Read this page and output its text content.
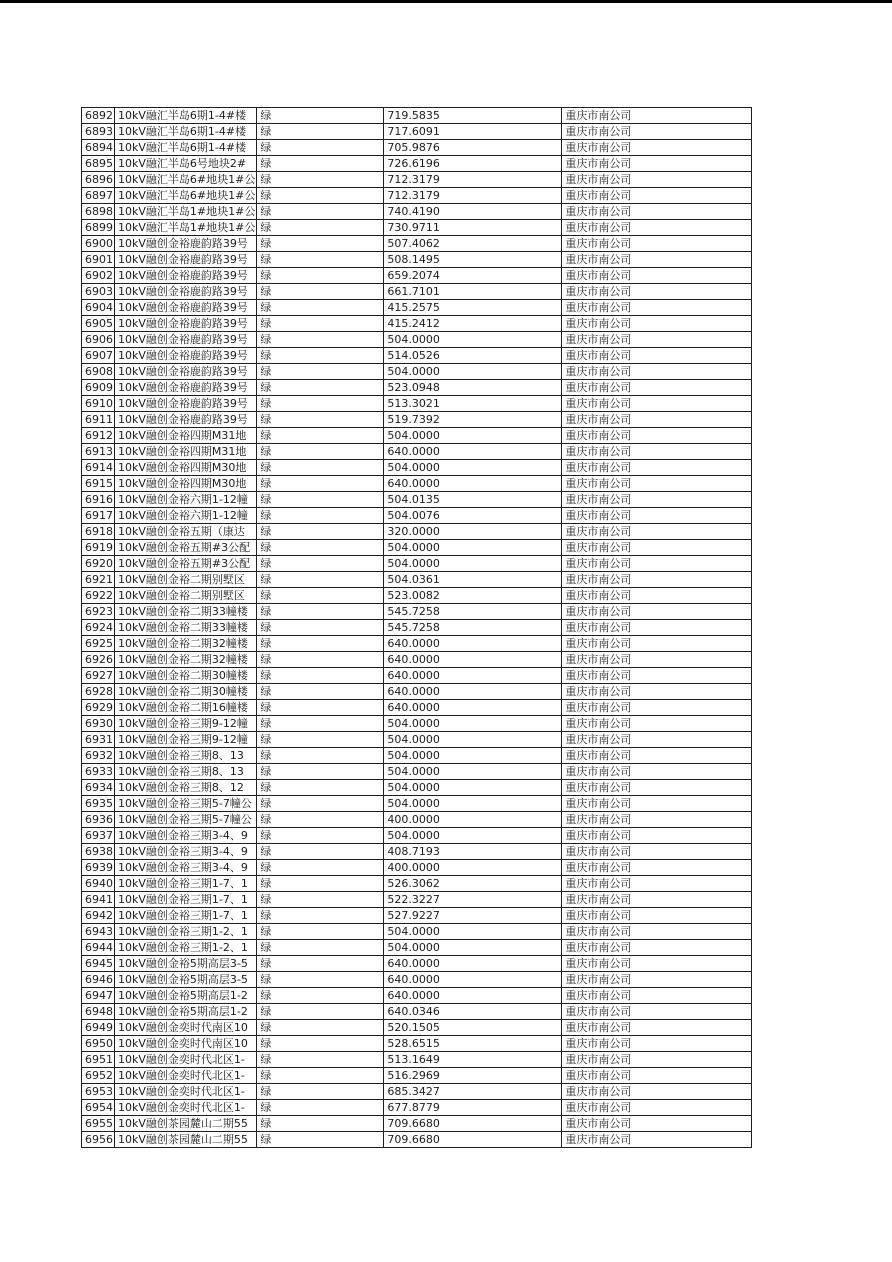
6892	10kV融汇半岛6期1-4#楼	绿	719.5835	重庆市南公司
6893	10kV融汇半岛6期1-4#楼	绿	717.6091	重庆市南公司
6894	10kV融汇半岛6期1-4#楼	绿	705.9876	重庆市南公司
6895	10kV融汇半岛6号地块2#	绿	726.6196	重庆市南公司
6896	10kV融汇半岛6#地块1#公	绿	712.3179	重庆市南公司
6897	10kV融汇半岛6#地块1#公	绿	712.3179	重庆市南公司
6898	10kV融汇半岛1#地块1#公	绿	740.4190	重庆市南公司
6899	10kV融汇半岛1#地块1#公	绿	730.9711	重庆市南公司
6900	10kV融创金裕鹿韵路39号	绿	507.4062	重庆市南公司
6901	10kV融创金裕鹿韵路39号	绿	508.1495	重庆市南公司
6902	10kV融创金裕鹿韵路39号	绿	659.2074	重庆市南公司
6903	10kV融创金裕鹿韵路39号	绿	661.7101	重庆市南公司
6904	10kV融创金裕鹿韵路39号	绿	415.2575	重庆市南公司
6905	10kV融创金裕鹿韵路39号	绿	415.2412	重庆市南公司
6906	10kV融创金裕鹿韵路39号	绿	504.0000	重庆市南公司
6907	10kV融创金裕鹿韵路39号	绿	514.0526	重庆市南公司
6908	10kV融创金裕鹿韵路39号	绿	504.0000	重庆市南公司
6909	10kV融创金裕鹿韵路39号	绿	523.0948	重庆市南公司
6910	10kV融创金裕鹿韵路39号	绿	513.3021	重庆市南公司
6911	10kV融创金裕鹿韵路39号	绿	519.7392	重庆市南公司
6912	10kV融创金裕四期M31地	绿	504.0000	重庆市南公司
6913	10kV融创金裕四期M31地	绿	640.0000	重庆市南公司
6914	10kV融创金裕四期M30地	绿	504.0000	重庆市南公司
6915	10kV融创金裕四期M30地	绿	640.0000	重庆市南公司
6916	10kV融创金裕六期1-12幢	绿	504.0135	重庆市南公司
6917	10kV融创金裕六期1-12幢	绿	504.0076	重庆市南公司
6918	10kV融创金裕五期（康达	绿	320.0000	重庆市南公司
6919	10kV融创金裕五期#3公配	绿	504.0000	重庆市南公司
6920	10kV融创金裕五期#3公配	绿	504.0000	重庆市南公司
6921	10kV融创金裕二期别墅区	绿	504.0361	重庆市南公司
6922	10kV融创金裕二期别墅区	绿	523.0082	重庆市南公司
6923	10kV融创金裕二期33幢楼	绿	545.7258	重庆市南公司
6924	10kV融创金裕二期33幢楼	绿	545.7258	重庆市南公司
6925	10kV融创金裕二期32幢楼	绿	640.0000	重庆市南公司
6926	10kV融创金裕二期32幢楼	绿	640.0000	重庆市南公司
6927	10kV融创金裕二期30幢楼	绿	640.0000	重庆市南公司
6928	10kV融创金裕二期30幢楼	绿	640.0000	重庆市南公司
6929	10kV融创金裕二期16幢楼	绿	640.0000	重庆市南公司
6930	10kV融创金裕三期9-12幢	绿	504.0000	重庆市南公司
6931	10kV融创金裕三期9-12幢	绿	504.0000	重庆市南公司
6932	10kV融创金裕三期8、13	绿	504.0000	重庆市南公司
6933	10kV融创金裕三期8、13	绿	504.0000	重庆市南公司
6934	10kV融创金裕三期8、12	绿	504.0000	重庆市南公司
6935	10kV融创金裕三期5-7幢公	绿	504.0000	重庆市南公司
6936	10kV融创金裕三期5-7幢公	绿	400.0000	重庆市南公司
6937	10kV融创金裕三期3-4、9	绿	504.0000	重庆市南公司
6938	10kV融创金裕三期3-4、9	绿	408.7193	重庆市南公司
6939	10kV融创金裕三期3-4、9	绿	400.0000	重庆市南公司
6940	10kV融创金裕三期1-7、1	绿	526.3062	重庆市南公司
6941	10kV融创金裕三期1-7、1	绿	522.3227	重庆市南公司
6942	10kV融创金裕三期1-7、1	绿	527.9227	重庆市南公司
6943	10kV融创金裕三期1-2、1	绿	504.0000	重庆市南公司
6944	10kV融创金裕三期1-2、1	绿	504.0000	重庆市南公司
6945	10kV融创金裕5期高层3-5	绿	640.0000	重庆市南公司
6946	10kV融创金裕5期高层3-5	绿	640.0000	重庆市南公司
6947	10kV融创金裕5期高层1-2	绿	640.0000	重庆市南公司
6948	10kV融创金裕5期高层1-2	绿	640.0346	重庆市南公司
6949	10kV融创金奕时代南区10	绿	520.1505	重庆市南公司
6950	10kV融创金奕时代南区10	绿	528.6515	重庆市南公司
6951	10kV融创金奕时代北区1-	绿	513.1649	重庆市南公司
6952	10kV融创金奕时代北区1-	绿	516.2969	重庆市南公司
6953	10kV融创金奕时代北区1-	绿	685.3427	重庆市南公司
6954	10kV融创金奕时代北区1-	绿	677.8779	重庆市南公司
6955	10kV融创茶园麓山二期55	绿	709.6680	重庆市南公司
6956	10kV融创茶园麓山二期55	绿	709.6680	重庆市南公司
